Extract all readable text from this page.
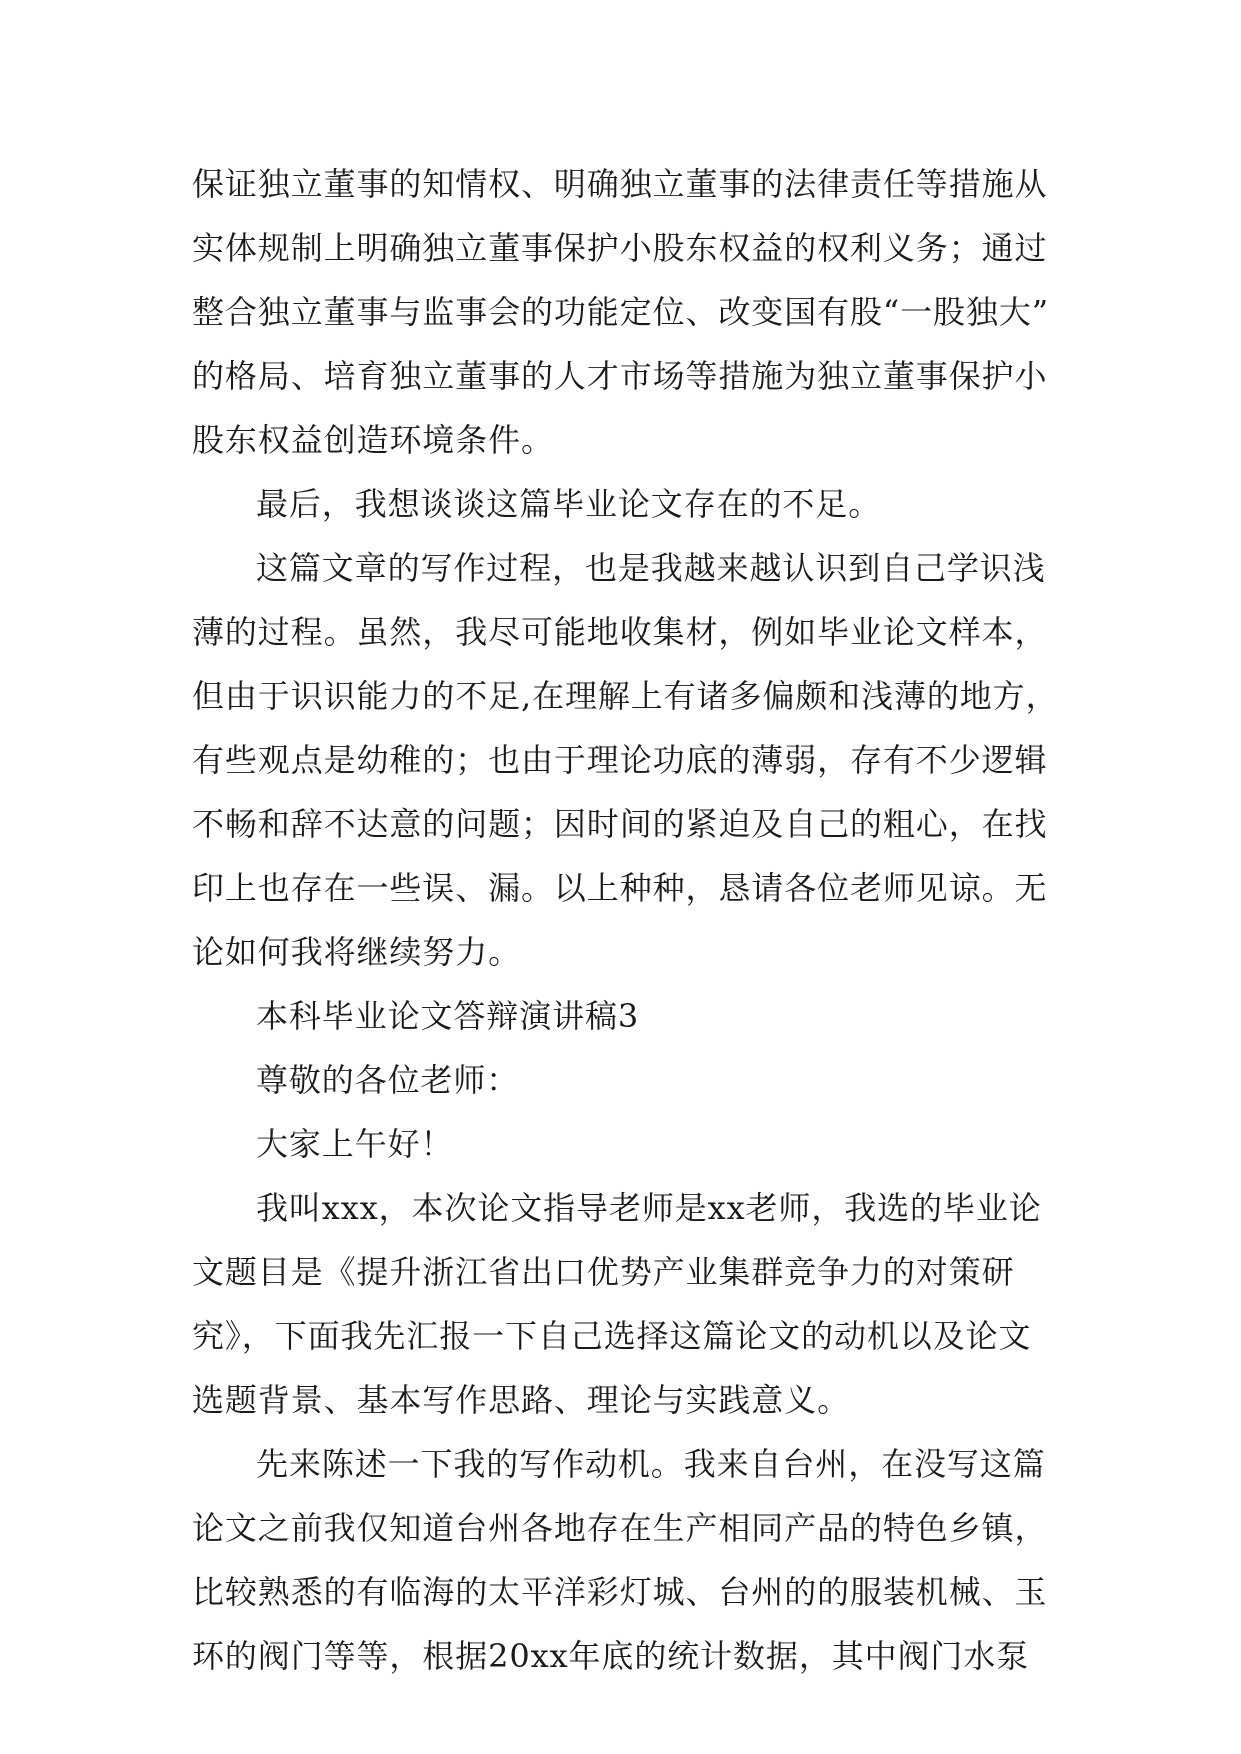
保证独立董事的知情权、明确独立董事的法律责任等措施从
实体规制上明确独立董事保护小股东权益的权利义务；通过
整合独立董事与监事会的功能定位、改变国有股“一股独大”
的格局、培育独立董事的人才市场等措施为独立董事保护小
股东权益创造环境条件。
最后，我想谈谈这篇毕业论文存在的不足。
这篇文章的写作过程，也是我越来越认识到自己学识浅
薄的过程。虽然，我尽可能地收集材，例如毕业论文样本，
但由于识识能力的不足,在理解上有诸多偏颇和浅薄的地方，
有些观点是幼稚的；也由于理论功底的薄弱，存有不少逻辑
不畅和辞不达意的问题；因时间的紧迫及自己的粗心，在找
印上也存在一些误、漏。以上种种，恳请各位老师见谅。无
论如何我将继续努力。
本科毕业论文答辩演讲稿3
尊敬的各位老师：
大家上午好！
我叫xxx，本次论文指导老师是xx老师，我选的毕业论
文题目是《提升浙江省出口优势产业集群竞争力的对策研
究》，下面我先汇报一下自己选择这篇论文的动机以及论文
选题背景、基本写作思路、理论与实践意义。
先来陈述一下我的写作动机。我来自台州，在没写这篇
论文之前我仅知道台州各地存在生产相同产品的特色乡镇，
比较熟悉的有临海的太平洋彩灯城、台州的的服装机械、玉
环的阀门等等，根据20xx年底的统计数据，其中阀门水泵
